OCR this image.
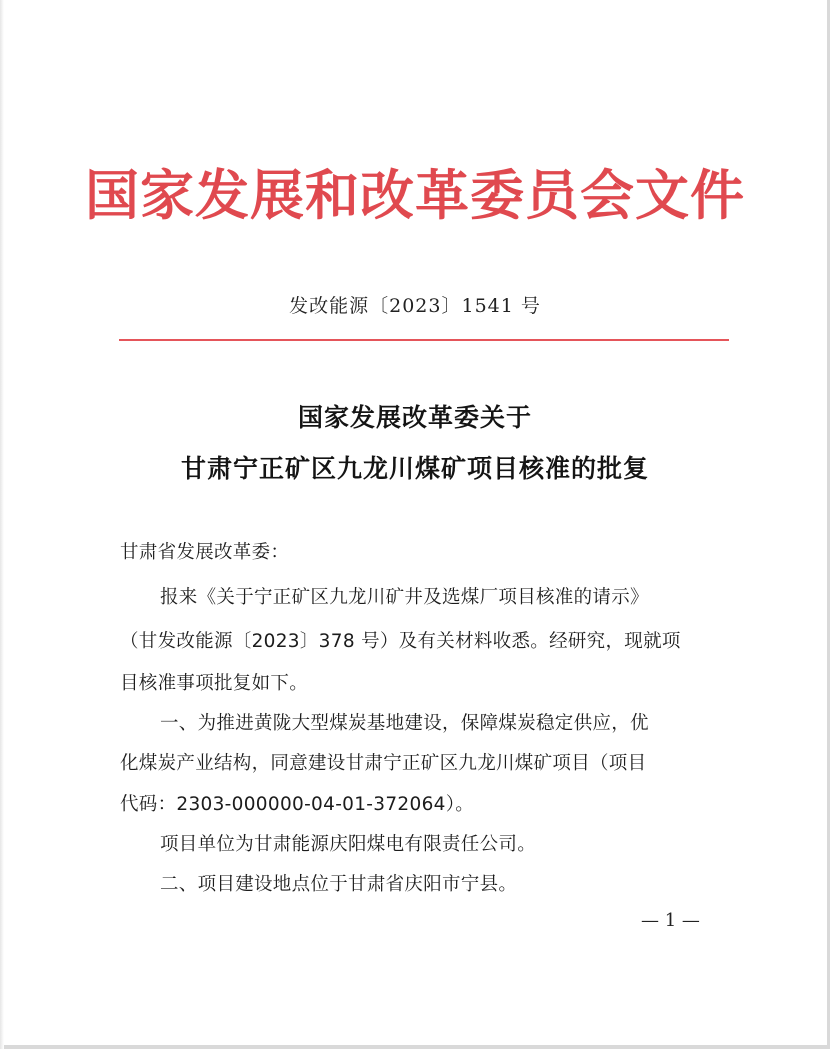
国家发展和改革委员会文件
发改能源〔2023〕1541 号
国家发展改革委关于
甘肃宁正矿区九龙川煤矿项目核准的批复
甘肃省发展改革委：
报来《关于宁正矿区九龙川矿井及选煤厂项目核准的请示》
（甘发改能源〔2023〕378 号）及有关材料收悉。经研究，现就项
目核准事项批复如下。
一、为推进黄陇大型煤炭基地建设，保障煤炭稳定供应，优
化煤炭产业结构，同意建设甘肃宁正矿区九龙川煤矿项目（项目
代码：2303-000000-04-01-372064）。
项目单位为甘肃能源庆阳煤电有限责任公司。
二、项目建设地点位于甘肃省庆阳市宁县。
— 1 —
